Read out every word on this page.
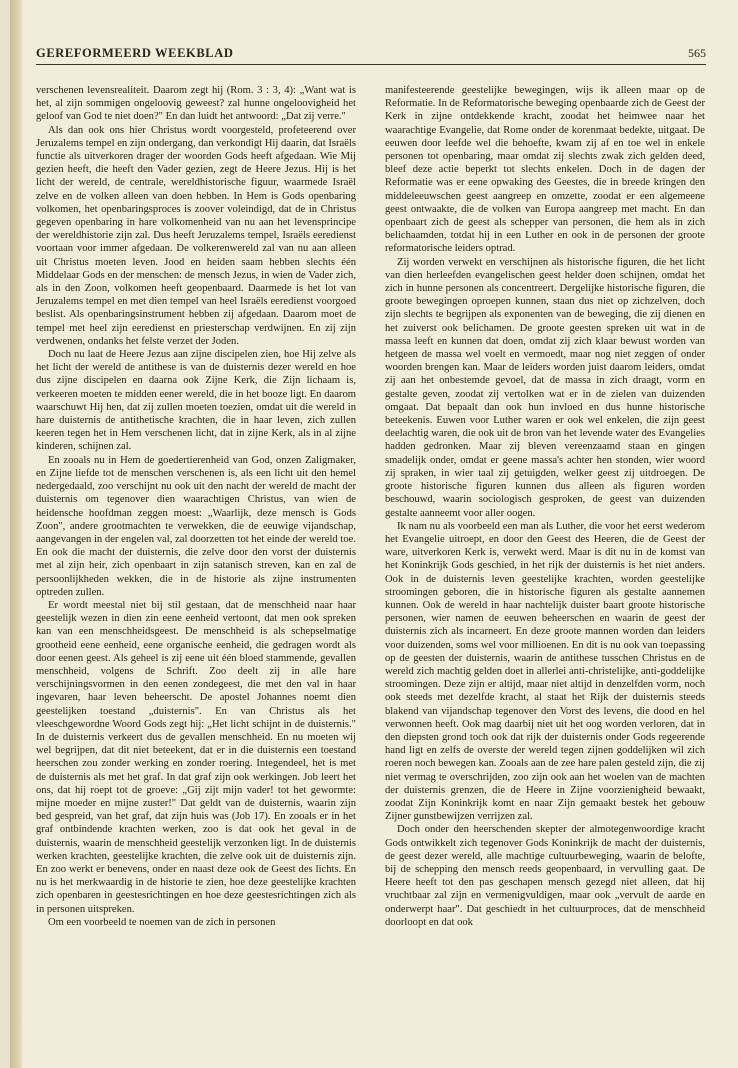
GEREFORMEERD WEEKBLAD	565

verschenen levensrealiteit. Daarom zegt hij (Rom. 3 : 3, 4): „Want wat is het, al zijn sommigen ongeloovig geweest? zal hunne ongeloovigheid het geloof van God te niet doen?" En dan luidt het antwoord: „Dat zij verre."

Als dan ook ons hier Christus wordt voorgesteld, profeteerend over Jeruzalems tempel en zijn ondergang, dan verkondigt Hij daarin, dat Israëls functie als uitverkoren drager der woorden Gods heeft afgedaan. Wie Mij gezien heeft, die heeft den Vader gezien, zegt de Heere Jezus. Hij is het licht der wereld, de centrale, wereldhistorische figuur, waarmede Israël zelve en de volken alleen van doen hebben. In Hem is Gods openbaring volkomen, het openbaringsproces is zoover voleindigd, dat de in Christus gegeven openbaring in hare volkomenheid van nu aan het levensprincipe der wereldhistorie zijn zal. Dus heeft Jeruzalems tempel, Israëls eeredienst voortaan voor immer afgedaan. De volkerenwereld zal van nu aan alleen uit Christus moeten leven. Jood en heiden saam hebben slechts één Middelaar Gods en der menschen: de mensch Jezus, in wien de Vader zich, als in den Zoon, volkomen heeft geopenbaard. Daarmede is het lot van Jeruzalems tempel en met dien tempel van heel Israëls eeredienst voorgoed beslist. Als openbaringsinstrument hebben zij afgedaan. Daarom moet de tempel met heel zijn eeredienst en priesterschap verdwijnen. En zij zijn verdwenen, ondanks het felste verzet der Joden.

Doch nu laat de Heere Jezus aan zijne discipelen zien, hoe Hij zelve als het licht der wereld de antithese is van de duisternis dezer wereld en hoe dus zijne discipelen en daarna ook Zijne Kerk, die Zijn lichaam is, verkeeren moeten te midden eener wereld, die in het booze ligt. En daarom waarschuwt Hij hen, dat zij zullen moeten toezien, omdat uit die wereld in hare duisternis de antithetische krachten, die in haar leven, zich zullen keeren tegen het in Hem verschenen licht, dat in zijne Kerk, als in al zijne kinderen, schijnen zal.

En zooals nu in Hem de goedertierenheid van God, onzen Zaligmaker, en Zijne liefde tot de menschen verschenen is, als een licht uit den hemel nedergedaald, zoo verschijnt nu ook uit den nacht der wereld de macht der duisternis om tegenover dien waarachtigen Christus, van wien de heidensche hoofdman zeggen moest: „Waarlijk, deze mensch is Gods Zoon", andere grootmachten te verwekken, die de eeuwige vijandschap, aangevangen in der engelen val, zal doorzetten tot het einde der wereld toe. En ook die macht der duisternis, die zelve door den vorst der duisternis met al zijn heir, zich openbaart in zijn satanisch streven, kan en zal de persoonlijkheden wekken, die in de historie als zijne instrumenten optreden zullen.

Er wordt meestal niet bij stil gestaan, dat de menschheid naar haar geestelijk wezen in dien zin eene eenheid vertoont, dat men ook spreken kan van een menschheidsgeest. De menschheid is als schepselmatige grootheid eene eenheid, eene organische eenheid, die gedragen wordt als door eenen geest. Als geheel is zij eene uit één bloed stammende, gevallen menschheid, volgens de Schrift. Zoo deelt zij in alle hare verschijningsvormen in den eenen zondegeest, die met den val in haar ingevaren, haar leven beheerscht. De apostel Johannes noemt dien geestelijken toestand „duisternis". En van Christus als het vleeschgewordne Woord Gods zegt hij: „Het licht schijnt in de duisternis." In de duisternis verkeert dus de gevallen menschheid. En nu moeten wij wel begrijpen, dat dit niet beteekent, dat er in die duisternis een toestand heerschen zou zonder werking en zonder roering. Integendeel, het is met de duisternis als met het graf. In dat graf zijn ook werkingen. Job leert het ons, dat hij roept tot de groeve: „Gij zijt mijn vader! tot het gewormte: mijne moeder en mijne zuster!" Dat geldt van de duisternis, waarin zijn bed gespreid, van het graf, dat zijn huis was (Job 17). En zooals er in het graf ontbindende krachten werken, zoo is dat ook het geval in de duisternis, waarin de menschheid geestelijk verzonken ligt. In de duisternis werken krachten, geestelijke krachten, die zelve ook uit de duisternis zijn. En zoo werkt er benevens, onder en naast deze ook de Geest des lichts. En nu is het merkwaardig in de historie te zien, hoe deze geestelijke krachten zich openbaren in geestesrichtingen en hoe deze geestesrichtingen zich als in personen uitspreken.

Om een voorbeeld te noemen van de zich in personen

manifesteerende geestelijke bewegingen, wijs ik alleen maar op de Reformatie. In de Reformatorische beweging openbaarde zich de Geest der Kerk in zijne ontdekkende kracht, zoodat het heimwee naar het waarachtige Evangelie, dat Rome onder de korenmaat bedekte, uitgaat. De eeuwen door leefde wel die behoefte, kwam zij af en toe wel in enkele personen tot openbaring, maar omdat zij slechts zwak zich gelden deed, bleef deze actie beperkt tot slechts enkelen. Doch in de dagen der Reformatie was er eene opwaking des Geestes, die in breede kringen den middeleeuwschen geest aangreep en omzette, zoodat er een algemeene geest ontwaakte, die de volken van Europa aangreep met macht. En dan openbaart zich de geest als schepper van personen, die hem als in zich belichaamden, totdat hij in een Luther en ook in de personen der groote reformatorische leiders optrad.

Zij worden verwekt en verschijnen als historische figuren, die het licht van dien herleefden evangelischen geest helder doen schijnen, omdat het zich in hunne personen als concentreert. Dergelijke historische figuren, die groote bewegingen oproepen kunnen, staan dus niet op zichzelven, doch zijn slechts te begrijpen als exponenten van de beweging, die zij dienen en het zuiverst ook belichamen. De groote geesten spreken uit wat in de massa leeft en kunnen dat doen, omdat zij zich klaar bewust worden van hetgeen de massa wel voelt en vermoedt, maar nog niet zeggen of onder woorden brengen kan. Maar de leiders worden juist daarom leiders, omdat zij aan het onbestemde gevoel, dat de massa in zich draagt, vorm en gestalte geven, zoodat zij vertolken wat er in de zielen van duizenden omgaat. Dat bepaalt dan ook hun invloed en dus hunne historische beteekenis. Euwen voor Luther waren er ook wel enkelen, die zijn geest deelachtig waren, die ook uit de bron van het levende water des Evangelies hadden gedronken. Maar zij bleven vereenzaamd staan en gingen smadelijk onder, omdat er geene massa's achter hen stonden, wier woord zij spraken, in wier taal zij getuigden, welker geest zij uitdroegen. De groote historische figuren kunnen dus alleen als figuren worden beschouwd, waarin sociologisch gesproken, de geest van duizenden gestalte aanneemt voor aller oogen.

Ik nam nu als voorbeeld een man als Luther, die voor het eerst wederom het Evangelie uitroept, en door den Geest des Heeren, die de Geest der ware, uitverkoren Kerk is, verwekt werd. Maar is dit nu in de komst van het Koninkrijk Gods geschied, in het rijk der duisternis is het niet anders. Ook in de duisternis leven geestelijke krachten, worden geestelijke stroomingen geboren, die in historische figuren als gestalte aannemen kunnen. Ook de wereld in haar nachtelijk duister baart groote historische personen, wier namen de eeuwen beheerschen en waarin de geest der duisternis zich als incarneert. En deze groote mannen worden dan leiders voor duizenden, soms wel voor millioenen. En dit is nu ook van toepassing op de geesten der duisternis, waarin de antithese tusschen Christus en de wereld zich machtig gelden doet in allerlei anti-christelijke, anti-goddelijke stroomingen. Deze zijn er altijd, maar niet altijd in denzelfden vorm, noch ook steeds met dezelfde kracht, al staat het Rijk der duisternis steeds blakend van vijandschap tegenover den Vorst des levens, die dood en hel verwonnen heeft. Ook mag daarbij niet uit het oog worden verloren, dat in den diepsten grond toch ook dat rijk der duisternis onder Gods regeerende hand ligt en zelfs de overste der wereld tegen zijnen goddelijken wil zich roeren noch bewegen kan. Zooals aan de zee hare palen gesteld zijn, die zij niet vermag te overschrijden, zoo zijn ook aan het woelen van de machten der duisternis grenzen, die de Heere in Zijne voorzienigheid bewaakt, zoodat Zijn Koninkrijk komt en naar Zijn gemaakt bestek het gebouw Zijner gunstbewijzen verrijzen zal.

Doch onder den heerschenden skepter der almotegenwoordige kracht Gods ontwikkelt zich tegenover Gods Koninkrijk de macht der duisternis, de geest dezer wereld, alle machtige cultuurbeweging, waarin de belofte, bij de schepping den mensch reeds geopenbaard, in vervulling gaat. De Heere heeft tot den pas geschapen mensch gezegd niet alleen, dat hij vruchtbaar zal zijn en vermenigvuldigen, maar ook „vervult de aarde en onderwerpt haar". Dat geschiedt in het cultuurproces, dat de menschheid doorloopt en dat ook
